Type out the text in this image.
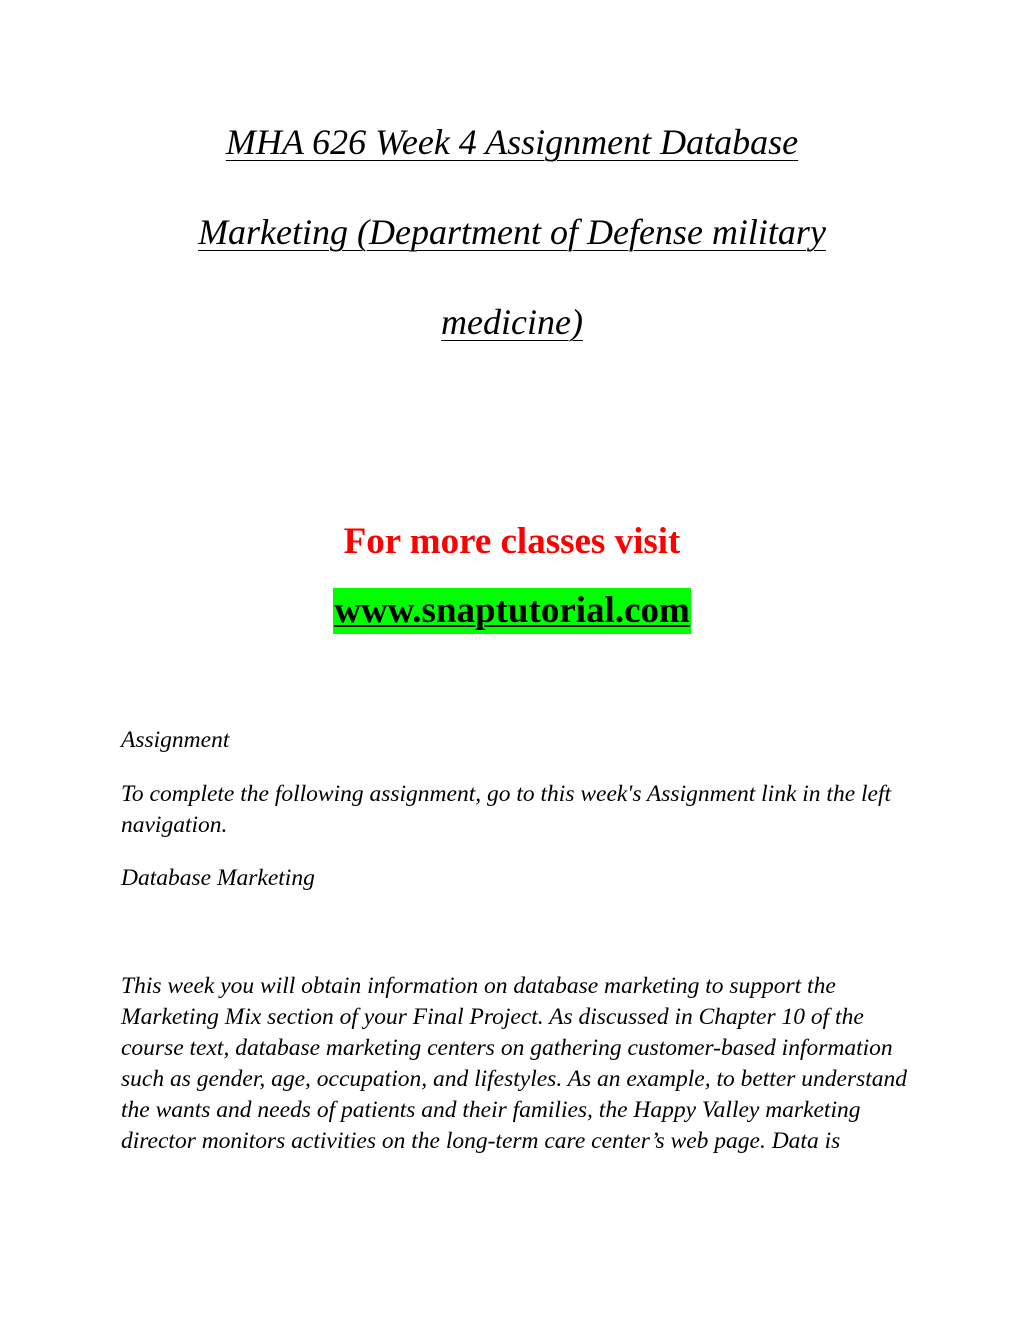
MHA 626 Week 4 Assignment Database
Marketing (Department of Defense military
medicine)
For more classes visit
www.snaptutorial.com
Assignment
To complete the following assignment, go to this week's Assignment link in the left navigation.
Database Marketing
This week you will obtain information on database marketing to support the Marketing Mix section of your Final Project. As discussed in Chapter 10 of the course text, database marketing centers on gathering customer-based information such as gender, age, occupation, and lifestyles. As an example, to better understand the wants and needs of patients and their families, the Happy Valley marketing director monitors activities on the long-term care center’s web page. Data is
